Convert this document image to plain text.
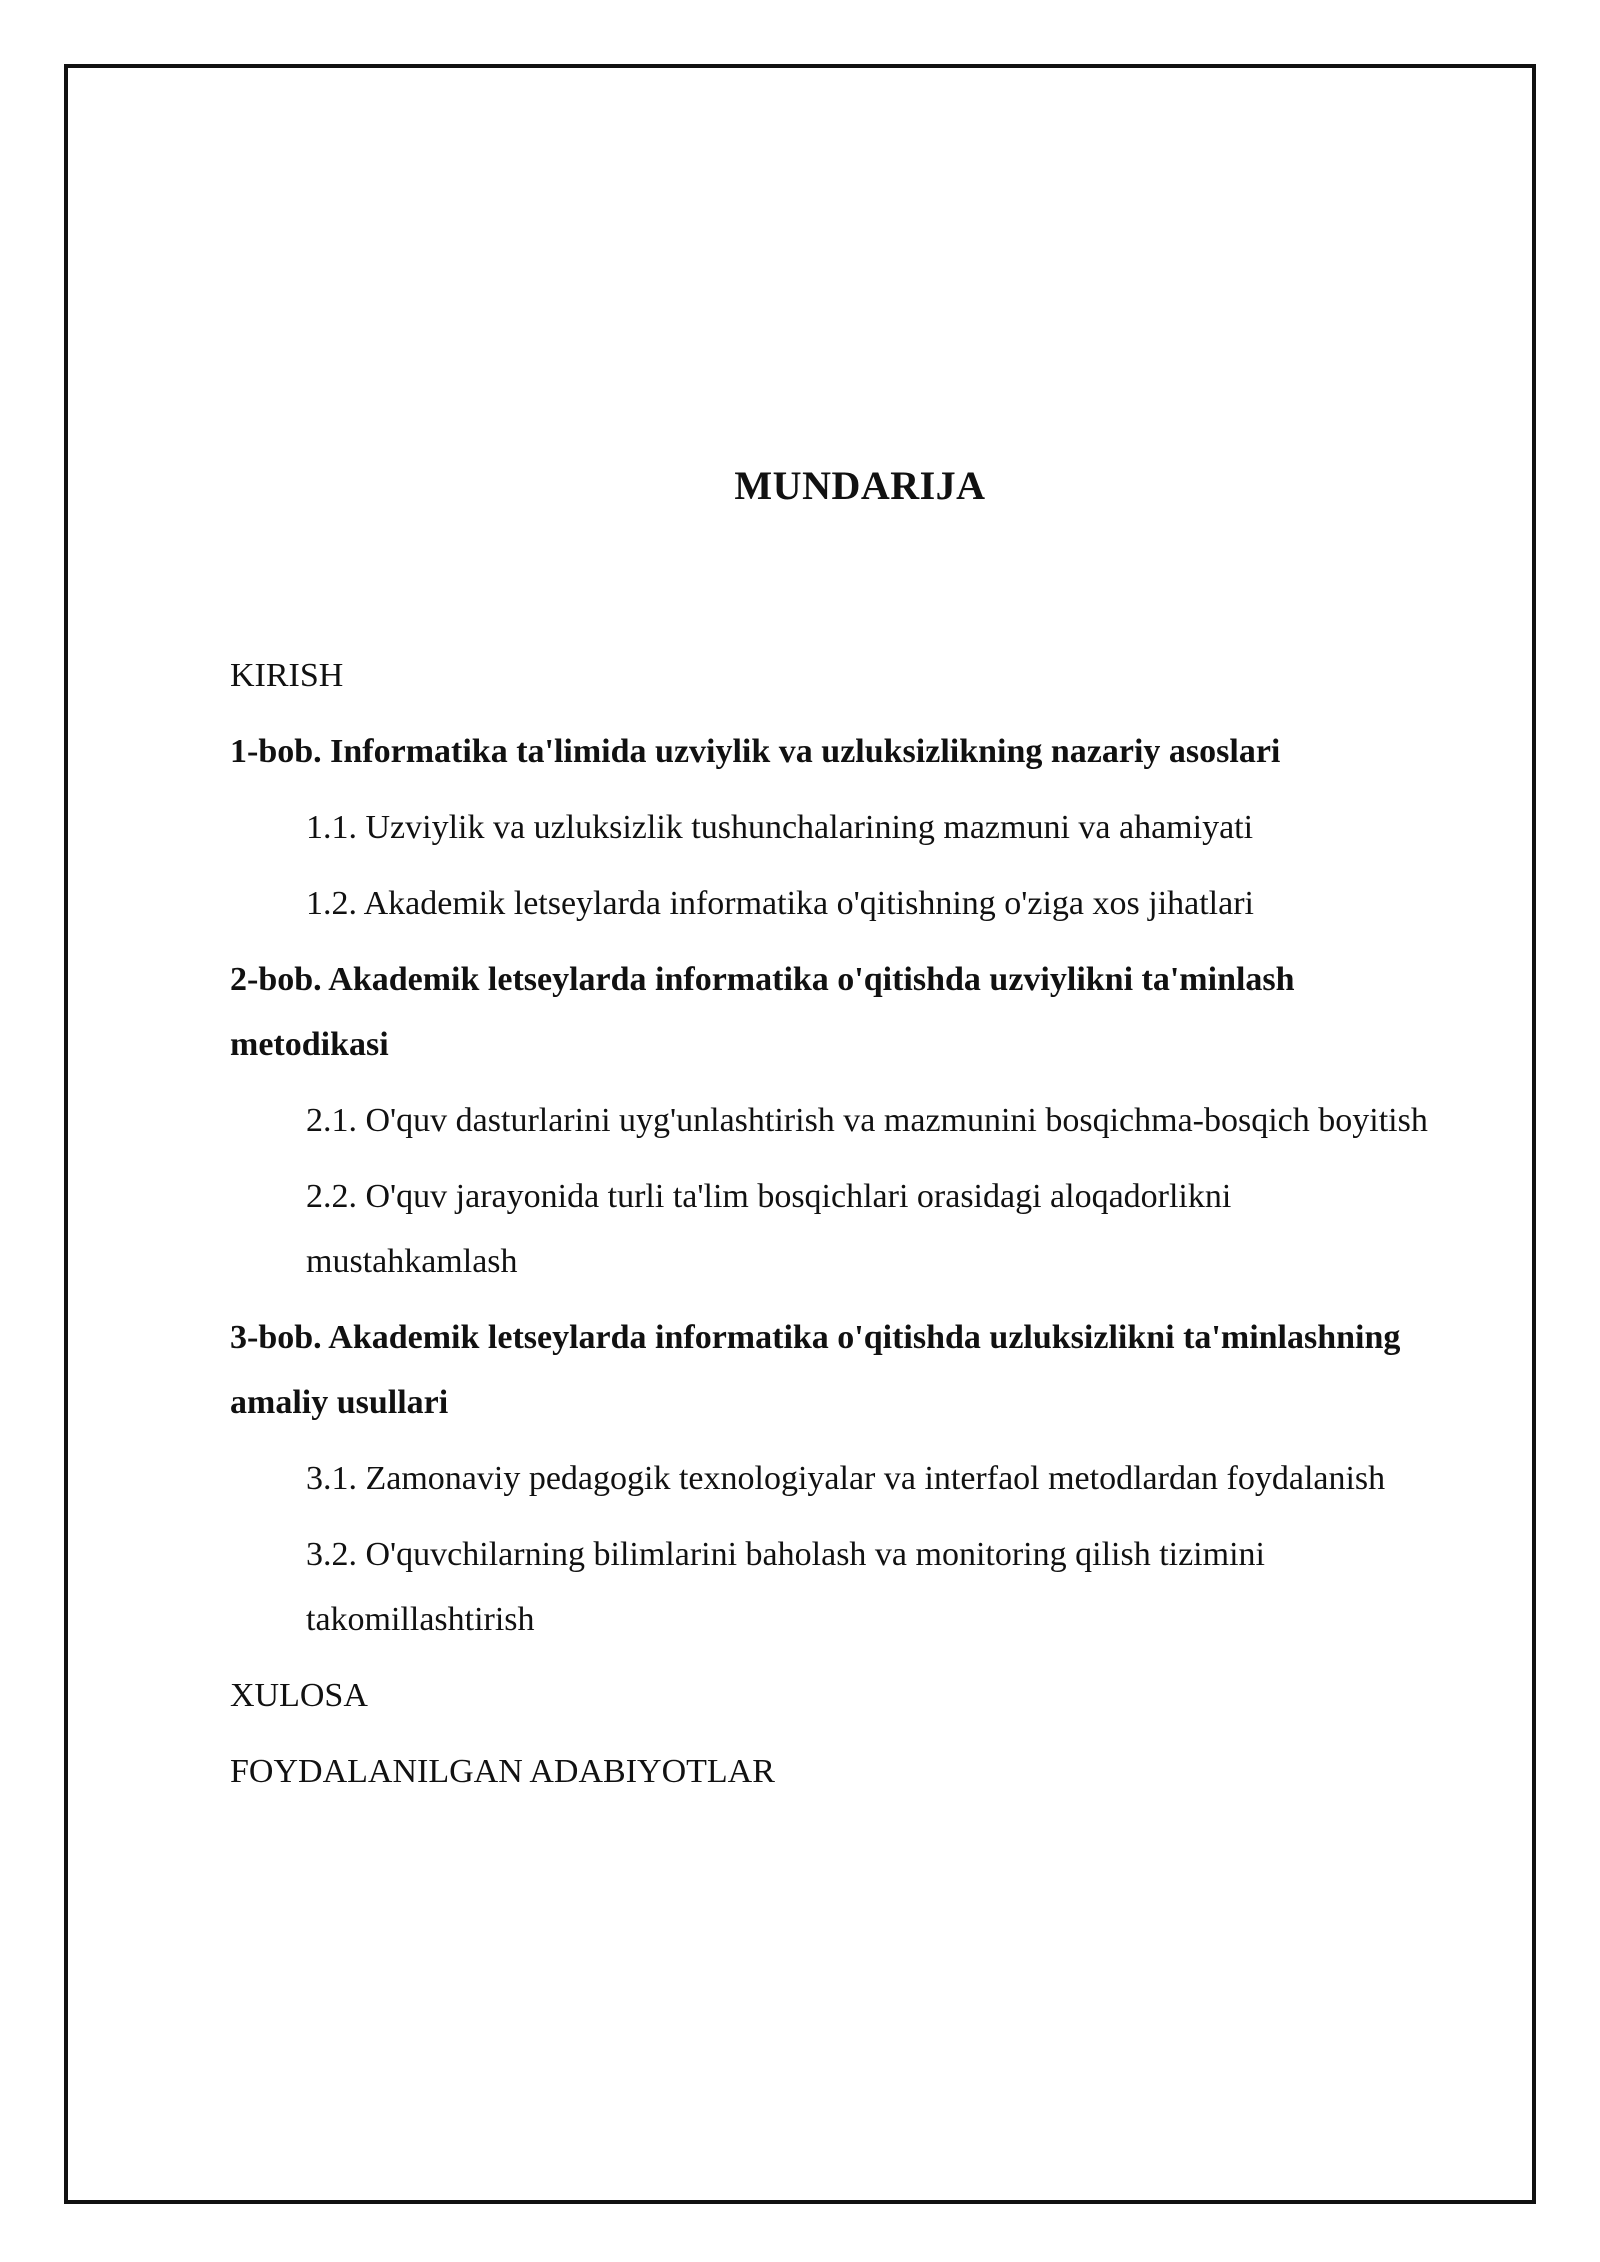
MUNDARIJA
KIRISH
1-bob. Informatika ta'limida uzviylik va uzluksizlikning nazariy asoslari
1.1. Uzviylik va uzluksizlik tushunchalarining mazmuni va ahamiyati
1.2. Akademik letseylarda informatika o'qitishning o'ziga xos jihatlari
2-bob. Akademik letseylarda informatika o'qitishda uzviylikni ta'minlash metodikasi
2.1. O'quv dasturlarini uyg'unlashtirish va mazmunini bosqichma-bosqich boyitish
2.2. O'quv jarayonida turli ta'lim bosqichlari orasidagi aloqadorlikni mustahkamlash
3-bob. Akademik letseylarda informatika o'qitishda uzluksizlikni ta'minlashning amaliy usullari
3.1. Zamonaviy pedagogik texnologiyalar va interfaol metodlardan foydalanish
3.2. O'quvchilarning bilimlarini baholash va monitoring qilish tizimini takomillashtirish
XULOSA
FOYDALANILGAN ADABIYOTLAR
